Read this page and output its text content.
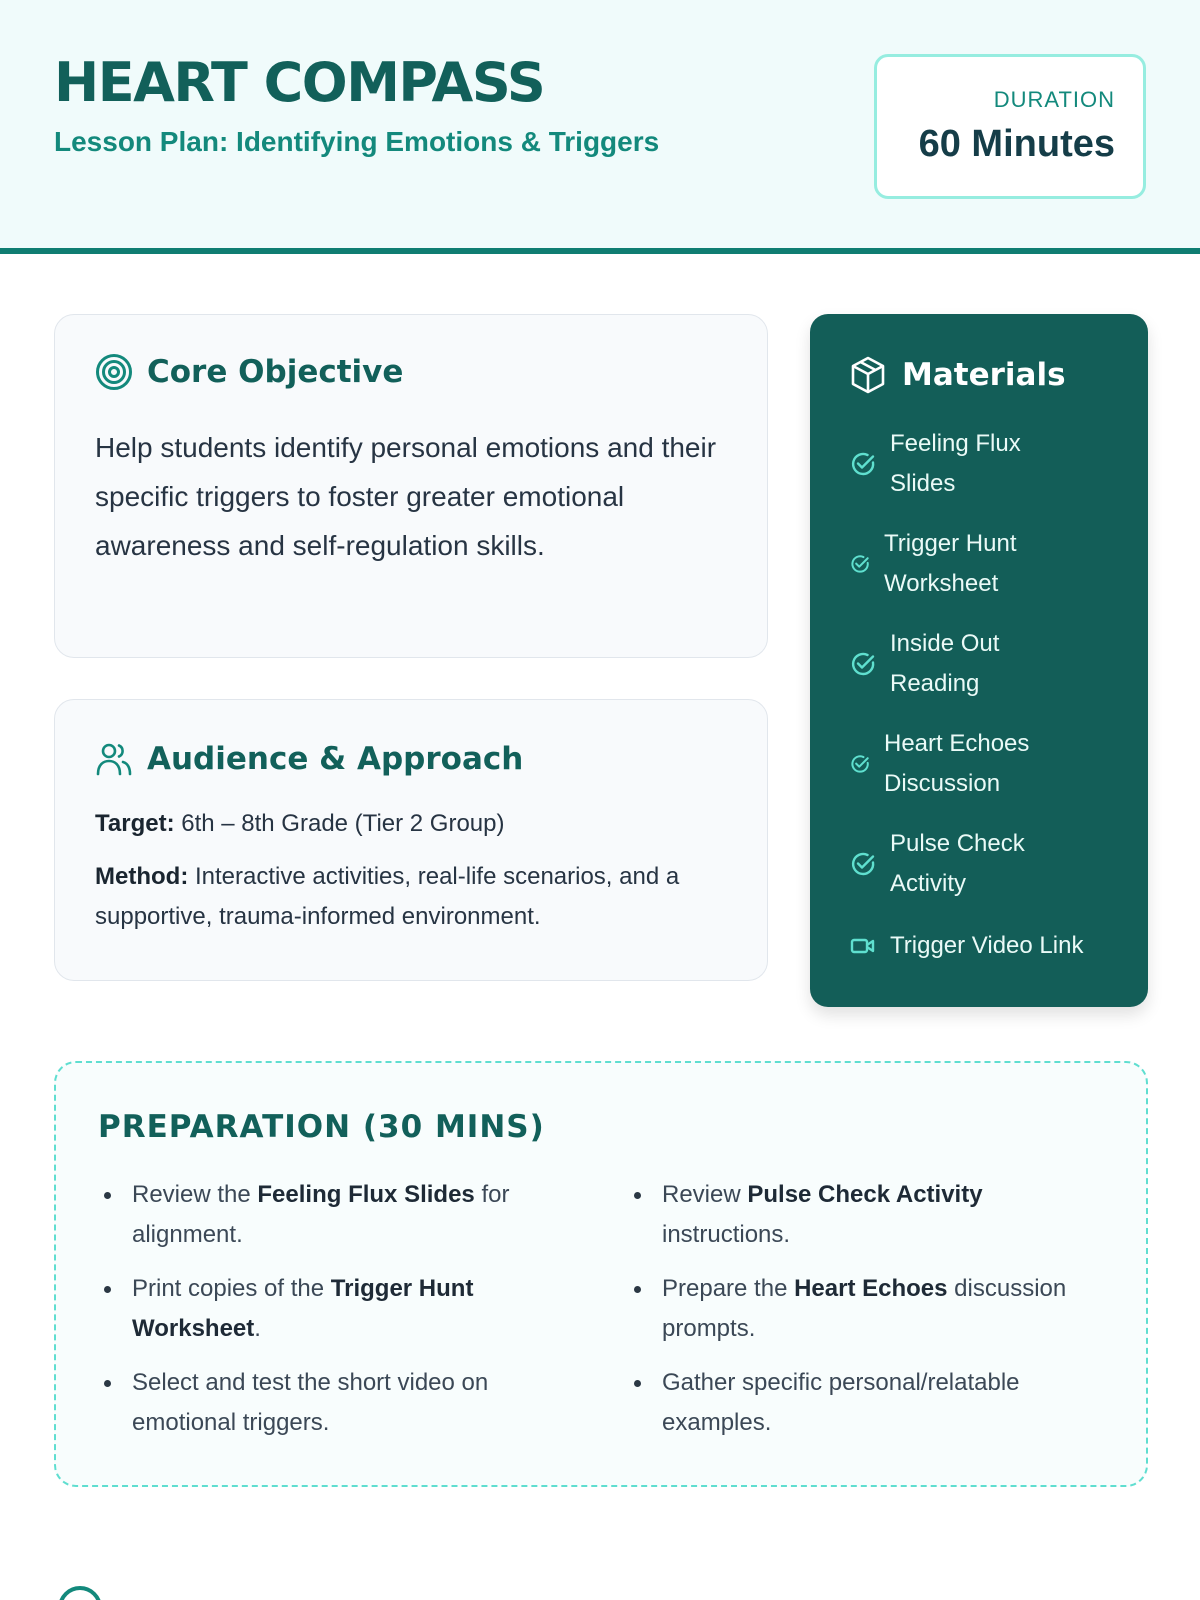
HEART COMPASS
Lesson Plan: Identifying Emotions & Triggers
DURATION
60 Minutes
Core Objective
Help students identify personal emotions and their specific triggers to foster greater emotional awareness and self-regulation skills.
Audience & Approach
Target: 6th – 8th Grade (Tier 2 Group)
Method: Interactive activities, real-life scenarios, and a supportive, trauma-informed environment.
Materials
Feeling Flux
Slides
Trigger Hunt
Worksheet
Inside Out
Reading
Heart Echoes
Discussion
Pulse Check
Activity
Trigger Video Link
PREPARATION (30 MINS)
Review the Feeling Flux Slides for alignment.
Print copies of the Trigger Hunt Worksheet.
Select and test the short video on emotional triggers.
Review Pulse Check Activity instructions.
Prepare the Heart Echoes discussion prompts.
Gather specific personal/relatable examples.
